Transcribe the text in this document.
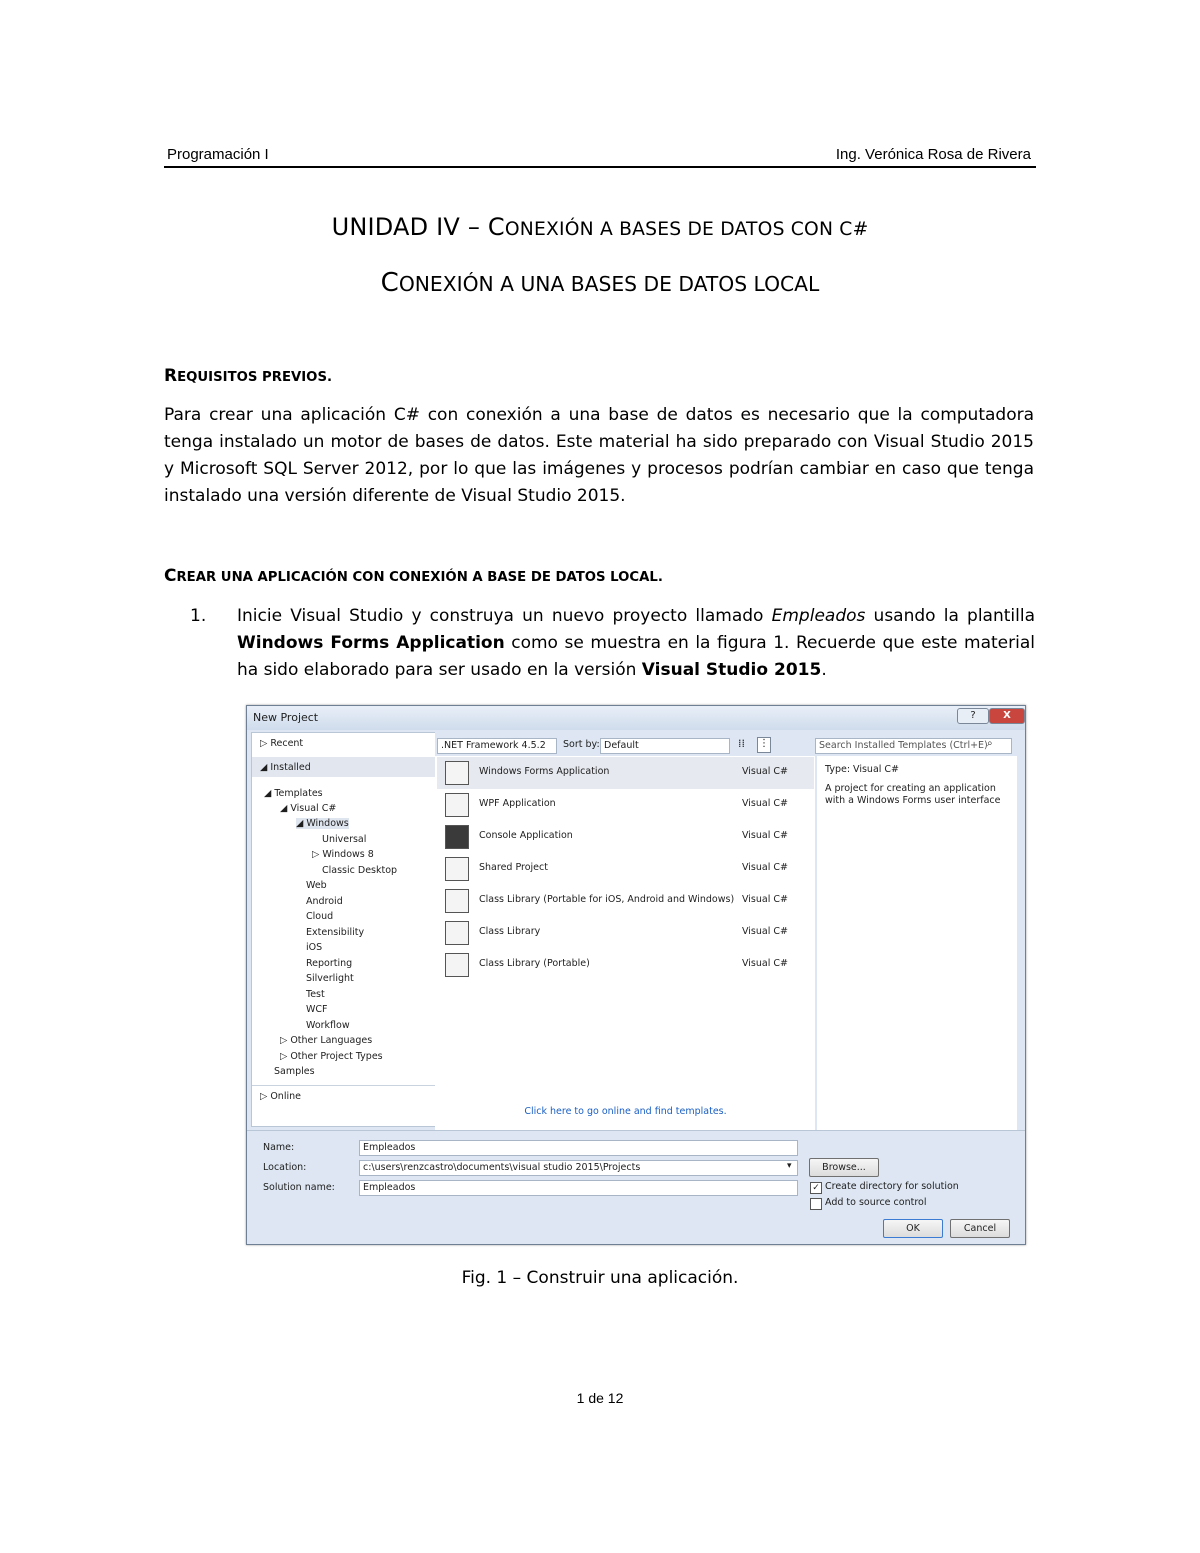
Programación I	Ing. Verónica Rosa de Rivera
UNIDAD IV – CONEXIÓN A BASES DE DATOS CON C#
CONEXIÓN A UNA BASES DE DATOS LOCAL
REQUISITOS PREVIOS.
Para crear una aplicación C# con conexión a una base de datos es necesario que la computadora tenga instalado un motor de bases de datos. Este material ha sido preparado con Visual Studio 2015 y Microsoft SQL Server 2012, por lo que las imágenes y procesos podrían cambiar en caso que tenga instalado una versión diferente de Visual Studio 2015.
CREAR UNA APLICACIÓN CON CONEXIÓN A BASE DE DATOS LOCAL.
1. Inicie Visual Studio y construya un nuevo proyecto llamado Empleados usando la plantilla Windows Forms Application como se muestra en la figura 1. Recuerde que este material ha sido elaborado para ser usado en la versión Visual Studio 2015.
New Project	?	X
▷ Recent
◢ Installed
◢ Templates
◢ Visual C#
◢ Windows
Universal
▷ Windows 8
Classic Desktop
Web
Android
Cloud
Extensibility
iOS
Reporting
Silverlight
Test
WCF
Workflow
▷ Other Languages
▷ Other Project Types
Samples
▷ Online
.NET Framework 4.5.2	Sort by: Default	⁞⁞ ⋮	Search Installed Templates (Ctrl+E) ⌕
Windows Forms Application	Visual C#
WPF Application	Visual C#
Console Application	Visual C#
Shared Project	Visual C#
Class Library (Portable for iOS, Android and Windows) Visual C#
Class Library	Visual C#
Class Library (Portable)	Visual C#
Click here to go online and find templates.
Type: Visual C#
A project for creating an application with a Windows Forms user interface
Name:	Empleados
Location:	c:\users\renzcastro\documents\visual studio 2015\Projects	▾	Browse...
Solution name:	Empleados	✓ Create directory for solution
Add to source control
OK	Cancel
Fig. 1 – Construir una aplicación.
1 de 12
